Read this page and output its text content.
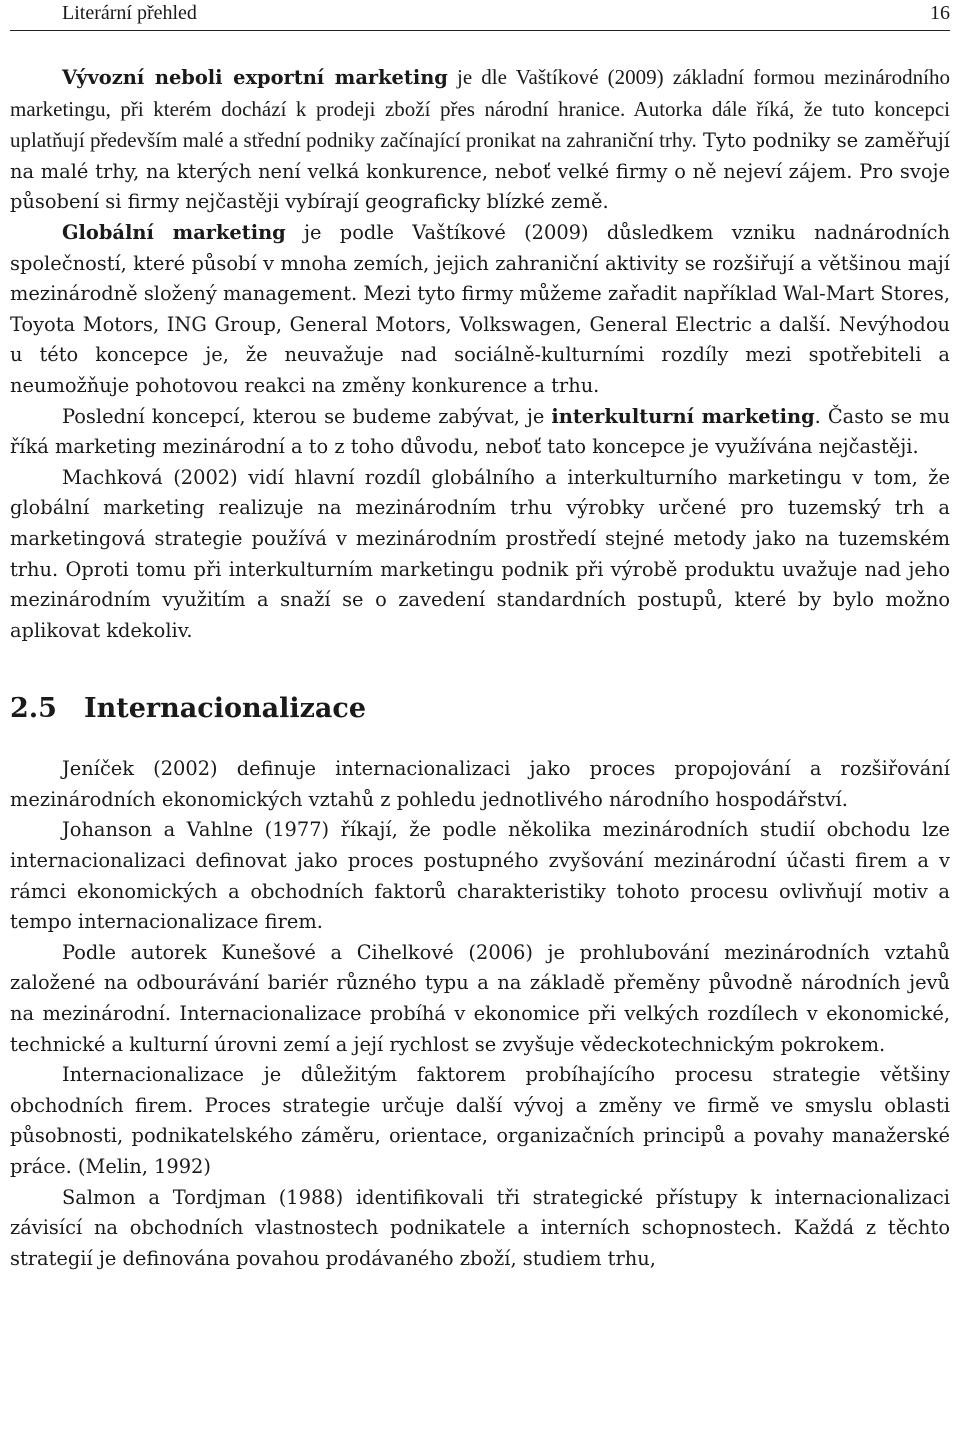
Literární přehled	16

Vývozní neboli exportní marketing je dle Vaštíkové (2009) základní formou mezinárodního marketingu, při kterém dochází k prodeji zboží přes národní hranice. Autorka dále říká, že tuto koncepci uplatňují především malé a střední podniky začínající pronikat na zahraniční trhy. Tyto podniky se zaměřují na malé trhy, na kterých není velká konkurence, neboť velké firmy o ně nejeví zájem. Pro svoje působení si firmy nejčastěji vybírají geograficky blízké země.

Globální marketing je podle Vaštíkové (2009) důsledkem vzniku nadnárodních společností, které působí v mnoha zemích, jejich zahraniční aktivity se rozšiřují a většinou mají mezinárodně složený management. Mezi tyto firmy můžeme zařadit například Wal-Mart Stores, Toyota Motors, ING Group, General Motors, Volkswagen, General Electric a další. Nevýhodou u této koncepce je, že neuvažuje nad sociálně-kulturními rozdíly mezi spotřebiteli a neumožňuje pohotovou reakci na změny konkurence a trhu.

Poslední koncepcí, kterou se budeme zabývat, je interkulturní marketing. Často se mu říká marketing mezinárodní a to z toho důvodu, neboť tato koncepce je využívána nejčastěji.

Machková (2002) vidí hlavní rozdíl globálního a interkulturního marketingu v tom, že globální marketing realizuje na mezinárodním trhu výrobky určené pro tuzemský trh a marketingová strategie používá v mezinárodním prostředí stejné metody jako na tuzemském trhu. Oproti tomu při interkulturním marketingu podnik při výrobě produktu uvažuje nad jeho mezinárodním využitím a snaží se o zavedení standardních postupů, které by bylo možno aplikovat kdekoliv.

2.5 Internacionalizace

Jeníček (2002) definuje internacionalizaci jako proces propojování a rozšiřování mezinárodních ekonomických vztahů z pohledu jednotlivého národního hospodářství.

Johanson a Vahlne (1977) říkají, že podle několika mezinárodních studií obchodu lze internacionalizaci definovat jako proces postupného zvyšování mezinárodní účasti firem a v rámci ekonomických a obchodních faktorů charakteristiky tohoto procesu ovlivňují motiv a tempo internacionalizace firem.

Podle autorek Kunešové a Cihelkové (2006) je prohlubování mezinárodních vztahů založené na odbourávání bariér různého typu a na základě přeměny původně národních jevů na mezinárodní. Internacionalizace probíhá v ekonomice při velkých rozdílech v ekonomické, technické a kulturní úrovni zemí a její rychlost se zvyšuje vědeckotechnickým pokrokem.

Internacionalizace je důležitým faktorem probíhajícího procesu strategie většiny obchodních firem. Proces strategie určuje další vývoj a změny ve firmě ve smyslu oblasti působnosti, podnikatelského záměru, orientace, organizačních principů a povahy manažerské práce. (Melin, 1992)

Salmon a Tordjman (1988) identifikovali tři strategické přístupy k internacionalizaci závisící na obchodních vlastnostech podnikatele a interních schopnostech. Každá z těchto strategií je definována povahou prodávaného zboží, studiem trhu,
